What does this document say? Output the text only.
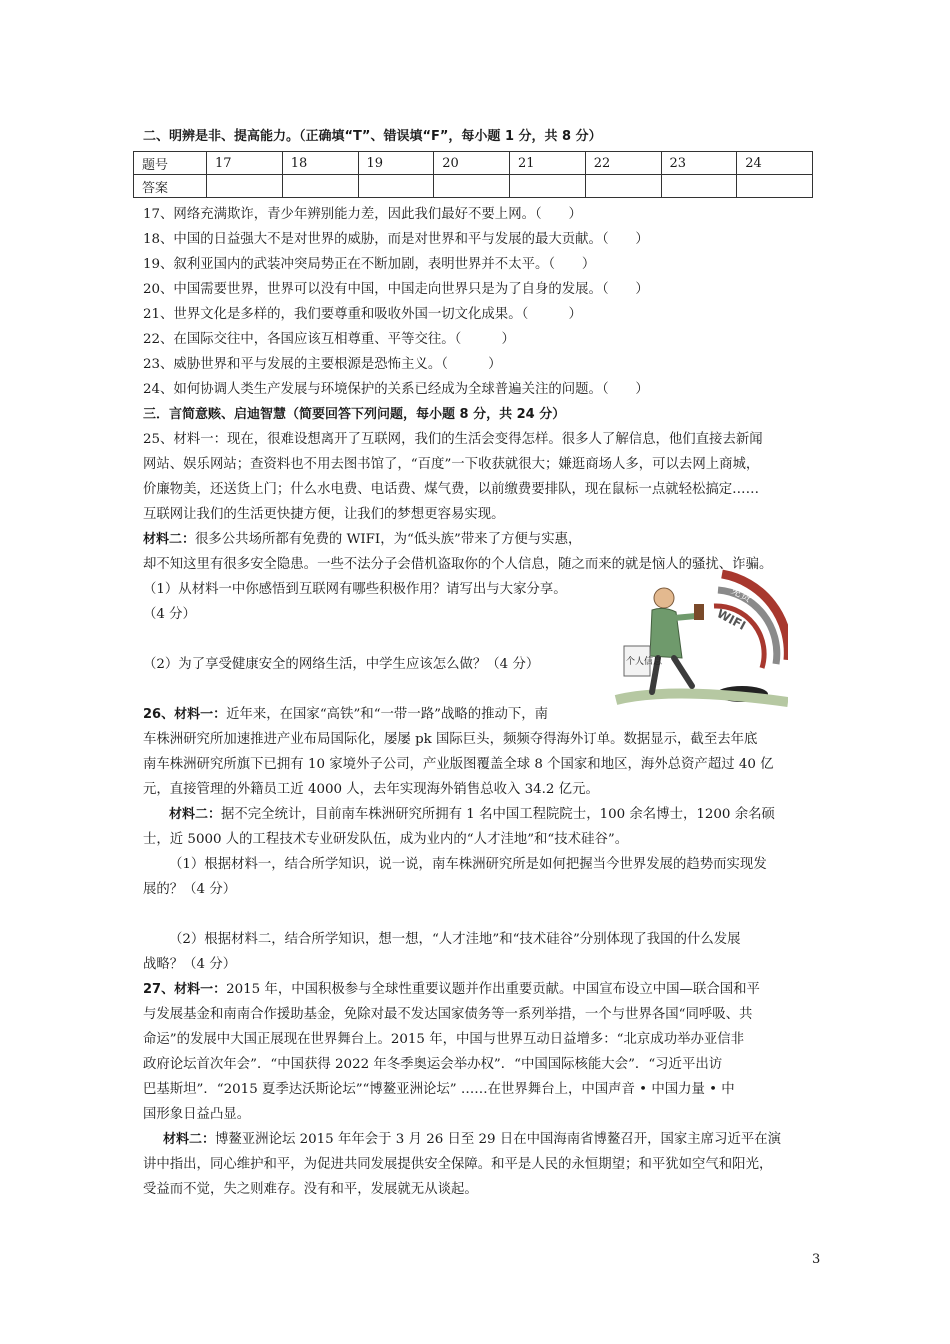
二、明辨是非、提高能力。（正确填“T”、错误填“F”，每小题 1 分，共 8 分）
题号	17	18	19	20	21	22	23	24
答案								
17、网络充满欺诈，青少年辨别能力差，因此我们最好不要上网。（　　）
18、中国的日益强大不是对世界的威胁，而是对世界和平与发展的最大贡献。（　　）
19、叙利亚国内的武装冲突局势正在不断加剧，表明世界并不太平。（　　）
20、中国需要世界，世界可以没有中国，中国走向世界只是为了自身的发展。（　　）
21、世界文化是多样的，我们要尊重和吸收外国一切文化成果。（　　　）
22、在国际交往中，各国应该互相尊重、平等交往。（　　　）
23、威胁世界和平与发展的主要根源是恐怖主义。（　　　）
24、如何协调人类生产发展与环境保护的关系已经成为全球普遍关注的问题。（　　）
三．言简意赅、启迪智慧（简要回答下列问题，每小题 8 分，共 24 分）
25、材料一：现在，很难设想离开了互联网，我们的生活会变得怎样。很多人了解信息，他们直接去新闻
网站、娱乐网站；查资料也不用去图书馆了，“百度”一下收获就很大；嫌逛商场人多，可以去网上商城，
价廉物美，还送货上门；什么水电费、电话费、煤气费，以前缴费要排队，现在鼠标一点就轻松搞定……
互联网让我们的生活更快捷方便，让我们的梦想更容易实现。
材料二：很多公共场所都有免费的 WIFI，为“低头族”带来了方便与实惠，
却不知这里有很多安全隐患。一些不法分子会借机盗取你的个人信息，随之而来的就是恼人的骚扰、诈骗。
（1）从材料一中你感悟到互联网有哪些积极作用？请写出与大家分享。
（4 分）
（2）为了享受健康安全的网络生活，中学生应该怎么做？（4 分）
免费
WIFI
个人信息
26、材料一：近年来，在国家“高铁”和“一带一路”战略的推动下，南
车株洲研究所加速推进产业布局国际化，屡屡 pk 国际巨头，频频夺得海外订单。数据显示，截至去年底
南车株洲研究所旗下已拥有 10 家境外子公司，产业版图覆盖全球 8 个国家和地区，海外总资产超过 40 亿
元，直接管理的外籍员工近 4000 人，去年实现海外销售总收入 34.2 亿元。
材料二：据不完全统计，目前南车株洲研究所拥有 1 名中国工程院院士，100 余名博士，1200 余名硕
士，近 5000 人的工程技术专业研发队伍，成为业内的“人才洼地”和“技术硅谷”。
（1）根据材料一，结合所学知识，说一说，南车株洲研究所是如何把握当今世界发展的趋势而实现发
展的？（4 分）
（2）根据材料二，结合所学知识，想一想，“人才洼地”和“技术硅谷”分别体现了我国的什么发展
战略？（4 分）
27、材料一：2015 年，中国积极参与全球性重要议题并作出重要贡献。中国宣布设立中国—联合国和平
与发展基金和南南合作援助基金，免除对最不发达国家债务等一系列举措，一个与世界各国“同呼吸、共
命运”的发展中大国正展现在世界舞台上。2015 年，中国与世界互动日益增多：“北京成功举办亚信非
政府论坛首次年会”．“中国获得 2022 年冬季奥运会举办权”．“中国国际核能大会”．“习近平出访
巴基斯坦”．“2015 夏季达沃斯论坛”“博鳌亚洲论坛” ……在世界舞台上，中国声音 • 中国力量 • 中
国形象日益凸显。
材料二：博鳌亚洲论坛 2015 年年会于 3 月 26 日至 29 日在中国海南省博鳌召开，国家主席习近平在演
讲中指出，同心维护和平，为促进共同发展提供安全保障。和平是人民的永恒期望；和平犹如空气和阳光，
受益而不觉，失之则难存。没有和平，发展就无从谈起。
3
